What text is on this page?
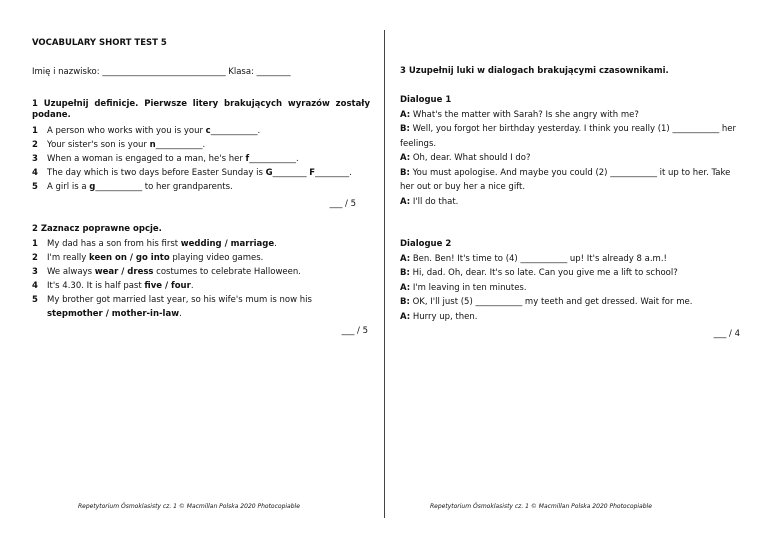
VOCABULARY SHORT TEST 5
Imię i nazwisko: _____________________________ Klasa: ________
1 Uzupełnij definicje. Pierwsze litery brakujących wyrazów zostały podane.
1	A person who works with you is your c___________.
2	Your sister's son is your n___________.
3	When a woman is engaged to a man, he's her f___________.
4	The day which is two days before Easter Sunday is G________ F________.
5	A girl is a g___________ to her grandparents.
___ / 5
2 Zaznacz poprawne opcje.
1	My dad has a son from his first wedding / marriage.
2	I'm really keen on / go into playing video games.
3	We always wear / dress costumes to celebrate Halloween.
4	It's 4.30. It is half past five / four.
5	My brother got married last year, so his wife's mum is now his stepmother / mother-in-law.
___ / 5
Repetytorium Ósmoklasisty cz. 1 © Macmillan Polska 2020 Photocopiable
3 Uzupełnij luki w dialogach brakującymi czasownikami.
Dialogue 1
A: What's the matter with Sarah? Is she angry with me?
B: Well, you forgot her birthday yesterday. I think you really (1) ___________ her feelings.
A: Oh, dear. What should I do?
B: You must apologise. And maybe you could (2) ___________ it up to her. Take her out or buy her a nice gift.
A: I'll do that.
Dialogue 2
A: Ben. Ben! It's time to (4) ___________ up! It's already 8 a.m.!
B: Hi, dad. Oh, dear. It's so late. Can you give me a lift to school?
A: I'm leaving in ten minutes.
B: OK, I'll just (5) ___________ my teeth and get dressed. Wait for me.
A: Hurry up, then.
___ / 4
Repetytorium Ósmoklasisty cz. 1 © Macmillan Polska 2020 Photocopiable
